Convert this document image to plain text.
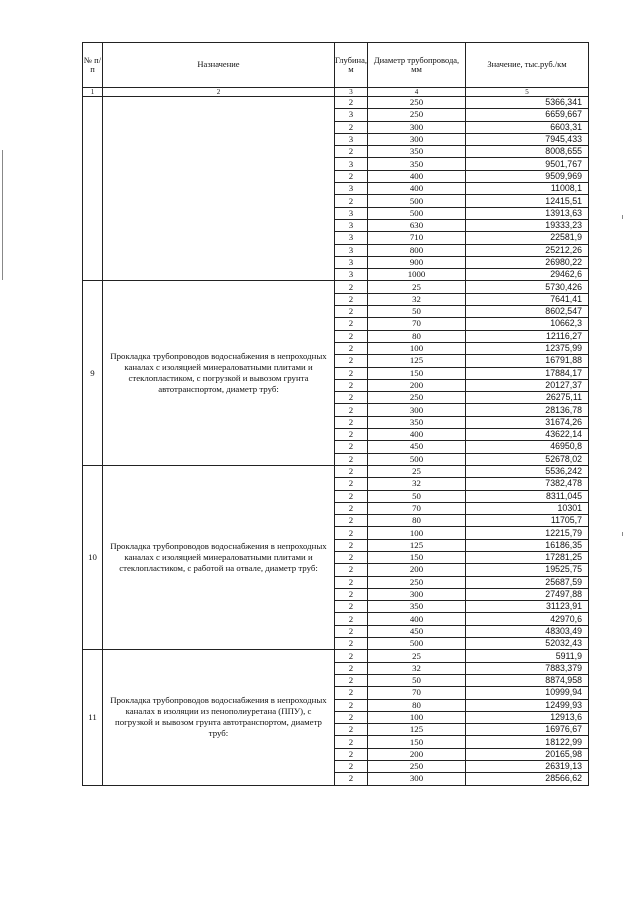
№ п/п	Назначение	Глубина, м	Диаметр трубопровода, мм	Значение, тыс.руб./км
1	2	3	4	5
		2	250	5366,341
		3	250	6659,667
		2	300	6603,31
		3	300	7945,433
		2	350	8008,655
		3	350	9501,767
		2	400	9509,969
		3	400	11008,1
		2	500	12415,51
		3	500	13913,63
		3	630	19333,23
		3	710	22581,9
		3	800	25212,26
		3	900	26980,22
		3	1000	29462,6
9	Прокладка трубопроводов водоснабжения в непроходных каналах с изоляцией минераловатными плитами и стеклопластиком, с погрузкой и вывозом грунта автотранспортом, диаметр труб:	2	25	5730,426
		2	32	7641,41
		2	50	8602,547
		2	70	10662,3
		2	80	12116,27
		2	100	12375,99
		2	125	16791,88
		2	150	17884,17
		2	200	20127,37
		2	250	26275,11
		2	300	28136,78
		2	350	31674,26
		2	400	43622,14
		2	450	46950,8
		2	500	52678,02
10	Прокладка трубопроводов водоснабжения в непроходных каналах с изоляцией минераловатными плитами и стеклопластиком, с работой на отвале, диаметр труб:	2	25	5536,242
		2	32	7382,478
		2	50	8311,045
		2	70	10301
		2	80	11705,7
		2	100	12215,79
		2	125	16186,35
		2	150	17281,25
		2	200	19525,75
		2	250	25687,59
		2	300	27497,88
		2	350	31123,91
		2	400	42970,6
		2	450	48303,49
		2	500	52032,43
11	Прокладка трубопроводов водоснабжения в непроходных каналах в изоляции из пенополиуретана (ППУ), с погрузкой и вывозом грунта автотранспортом, диаметр труб:	2	25	5911,9
		2	32	7883,379
		2	50	8874,958
		2	70	10999,94
		2	80	12499,93
		2	100	12913,6
		2	125	16976,67
		2	150	18122,99
		2	200	20165,98
		2	250	26319,13
		2	300	28566,62
